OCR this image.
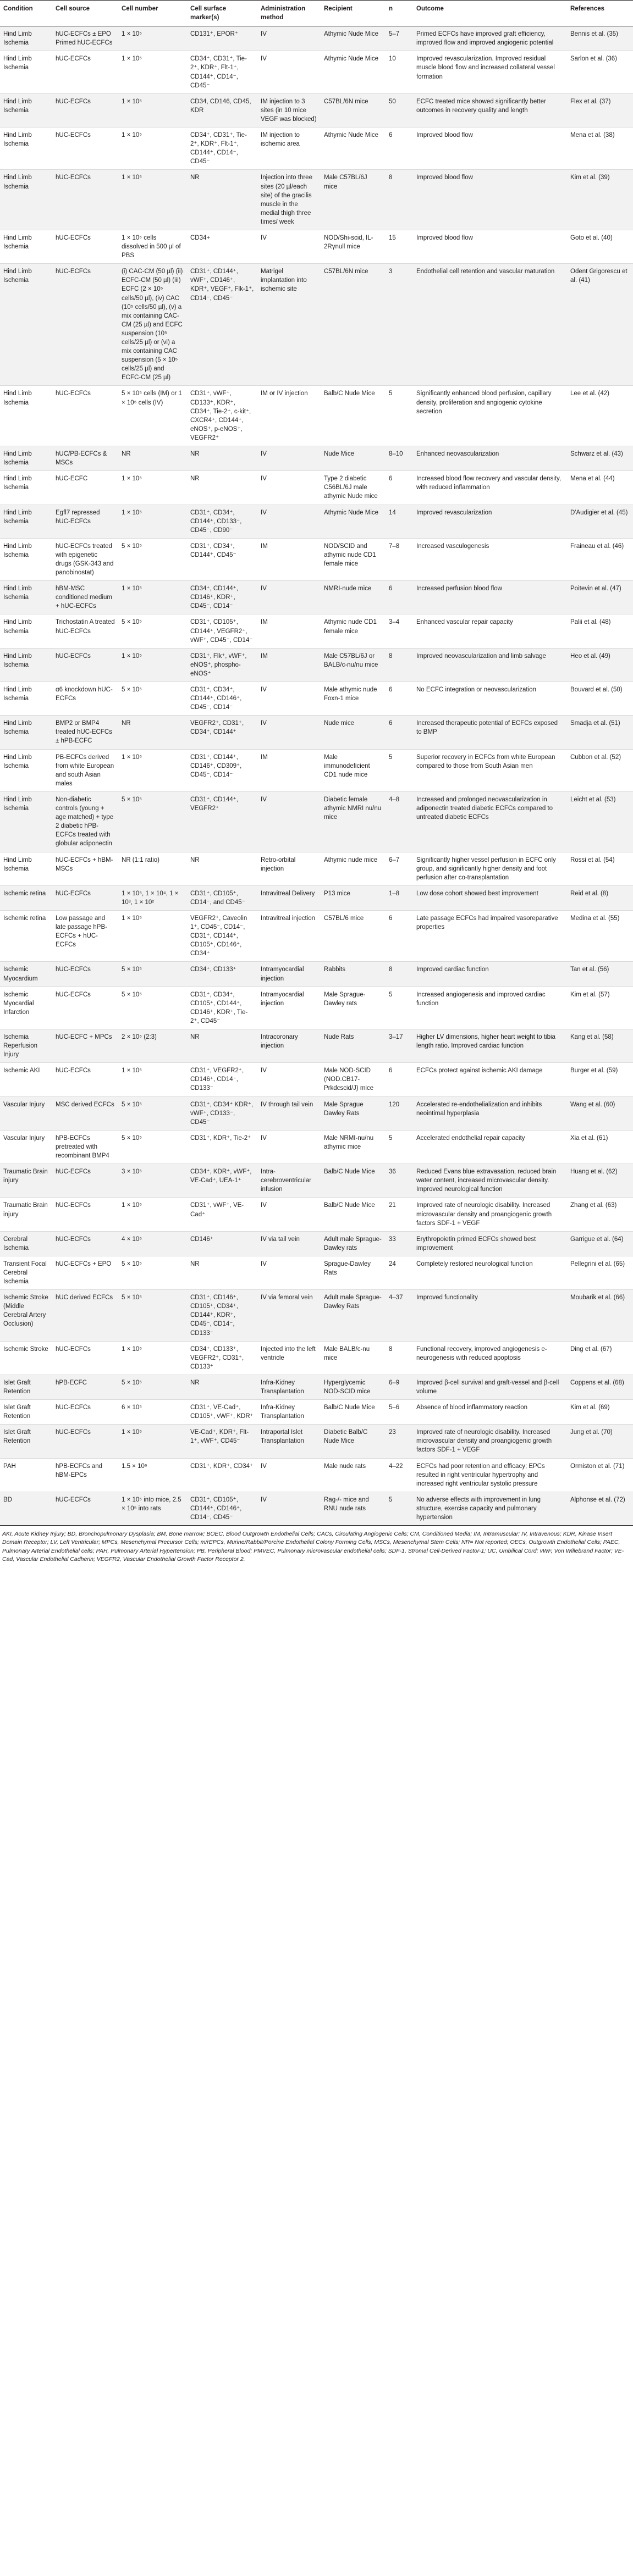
Condition	Cell source	Cell number	Cell surface marker(s)	Administration method	Recipient	n	Outcome	References
Hind Limb Ischemia	hUC-ECFCs ± EPO Primed hUC-ECFCs	1 × 10⁵	CD131⁺, EPOR⁺	IV	Athymic Nude Mice	5–7	Primed ECFCs have improved graft efficiency, improved flow and improved angiogenic potential	Bennis et al. (35)
Hind Limb Ischemia	hUC-ECFCs	1 × 10⁵	CD34⁺, CD31⁺, Tie-2⁺, KDR⁺, Flt-1⁺, CD144⁺, CD14⁻, CD45⁻	IV	Athymic Nude Mice	10	Improved revascularization. Improved residual muscle blood flow and increased collateral vessel formation	Sarlon et al. (36)
Hind Limb Ischemia	hUC-ECFCs	1 × 10⁶	CD34, CD146, CD45, KDR	IM injection to 3 sites (in 10 mice VEGF was blocked)	C57BL/6N mice	50	ECFC treated mice showed significantly better outcomes in recovery quality and length	Flex et al. (37)
Hind Limb Ischemia	hUC-ECFCs	1 × 10⁵	CD34⁺, CD31⁺, Tie-2⁺, KDR⁺, Flt-1⁺, CD144⁺, CD14⁻, CD45⁻	IM injection to ischemic area	Athymic Nude Mice	6	Improved blood flow	Mena et al. (38)
Hind Limb Ischemia	hUC-ECFCs	1 × 10⁶	NR	Injection into three sites (20 µl/each site) of the gracilis muscle in the medial thigh three times/ week	Male C57BL/6J mice	8	Improved blood flow	Kim et al. (39)
Hind Limb Ischemia	hUC-ECFCs	1 × 10⁶ cells dissolved in 500 µl of PBS	CD34+	IV	NOD/Shi-scid, IL-2Rγnull mice	15	Improved blood flow	Goto et al. (40)
Hind Limb Ischemia	hUC-ECFCs	(i) CAC-CM (50 µl) (ii) ECFC-CM (50 µl) (iii) ECFC (2 × 10⁵ cells/50 µl), (iv) CAC (10⁵ cells/50 µl), (v) a mix containing CAC-CM (25 µl) and ECFC suspension (10⁵ cells/25 µl) or (vi) a mix containing CAC suspension (5 × 10⁵ cells/25 µl) and ECFC-CM (25 µl)	CD31⁺, CD144⁺, vWF⁺, CD146⁺, KDR⁺, VEGF⁺, Flk-1⁺, CD14⁻, CD45⁻	Matrigel implantation into ischemic site	C57BL/6N mice	3	Endothelial cell retention and vascular maturation	Odent Grigorescu et al. (41)
Hind Limb Ischemia	hUC-ECFCs	5 × 10⁵ cells (IM) or 1 × 10⁶ cells (IV)	CD31⁺, vWF⁺, CD133⁺, KDR⁺, CD34⁺, Tie-2⁺, c-kit⁺, CXCR4⁺, CD144⁺, eNOS⁺, p-eNOS⁺, VEGFR2⁺	IM or IV injection	Balb/C Nude Mice	5	Significantly enhanced blood perfusion, capillary density, proliferation and angiogenic cytokine secretion	Lee et al. (42)
Hind Limb Ischemia	hUC/PB-ECFCs & MSCs	NR	NR	IV	Nude Mice	8–10	Enhanced neovascularization	Schwarz et al. (43)
Hind Limb Ischemia	hUC-ECFC	1 × 10⁵	NR	IV	Type 2 diabetic C56BL/6J male athymic Nude mice	6	Increased blood flow recovery and vascular density, with reduced inflammation	Mena et al. (44)
Hind Limb Ischemia	Egfl7 repressed hUC-ECFCs	1 × 10⁵	CD31⁺, CD34⁺, CD144⁺, CD133⁻, CD45⁻, CD90⁻	IV	Athymic Nude Mice	14	Improved revascularization	D'Audigier et al. (45)
Hind Limb Ischemia	hUC-ECFCs treated with epigenetic drugs (GSK-343 and panobinostat)	5 × 10⁵	CD31⁺, CD34⁺, CD144⁺, CD45⁻	IM	NOD/SCID and athymic nude CD1 female mice	7–8	Increased vasculogenesis	Fraineau et al. (46)
Hind Limb Ischemia	hBM-MSC conditioned medium + hUC-ECFCs	1 × 10⁵	CD34⁺, CD144⁺, CD146⁺, KDR⁺, CD45⁻, CD14⁻	IV	NMRI-nude mice	6	Increased perfusion blood flow	Poitevin et al. (47)
Hind Limb Ischemia	Trichostatin A treated hUC-ECFCs	5 × 10⁵	CD31⁺, CD105⁺, CD144⁺, VEGFR2⁺, vWF⁺, CD45⁻, CD14⁻	IM	Athymic nude CD1 female mice	3–4	Enhanced vascular repair capacity	Palii et al. (48)
Hind Limb Ischemia	hUC-ECFCs	1 × 10⁵	CD31⁺, Flk⁺, vWF⁺, eNOS⁺, phospho-eNOS⁺	IM	Male C57BL/6J or BALB/c-nu/nu mice	8	Improved neovascularization and limb salvage	Heo et al. (49)
Hind Limb Ischemia	α6 knockdown hUC-ECFCs	5 × 10⁵	CD31⁺, CD34⁺, CD144⁺, CD146⁺, CD45⁻, CD14⁻	IV	Male athymic nude Foxn-1 mice	6	No ECFC integration or neovascularization	Bouvard et al. (50)
Hind Limb Ischemia	BMP2 or BMP4 treated hUC-ECFCs ± hPB-ECFC	NR	VEGFR2⁺, CD31⁺, CD34⁺, CD144⁺	IV	Nude mice	6	Increased therapeutic potential of ECFCs exposed to BMP	Smadja et al. (51)
Hind Limb Ischemia	PB-ECFCs derived from white European and south Asian males	1 × 10⁶	CD31⁺, CD144⁺, CD146⁺, CD309⁺, CD45⁻, CD14⁻	IM	Male immunodeficient CD1 nude mice	5	Superior recovery in ECFCs from white European compared to those from South Asian men	Cubbon et al. (52)
Hind Limb Ischemia	Non-diabetic controls (young + age matched) + type 2 diabetic hPB-ECFCs treated with globular adiponectin	5 × 10⁵	CD31⁺, CD144⁺, VEGFR2⁺	IV	Diabetic female athymic NMRI nu/nu mice	4–8	Increased and prolonged neovascularization in adiponectin treated diabetic ECFCs compared to untreated diabetic ECFCs	Leicht et al. (53)
Hind Limb Ischemia	hUC-ECFCs + hBM-MSCs	NR (1:1 ratio)	NR	Retro-orbital injection	Athymic nude mice	6–7	Significantly higher vessel perfusion in ECFC only group, and significantly higher density and foot perfusion after co-transplantation	Rossi et al. (54)
Ischemic retina	hUC-ECFCs	1 × 10⁵, 1 × 10⁴, 1 × 10³, 1 × 10²	CD31⁺, CD105⁺, CD14⁻, and CD45⁻	Intravitreal Delivery	P13 mice	1–8	Low dose cohort showed best improvement	Reid et al. (8)
Ischemic retina	Low passage and late passage hPB-ECFCs + hUC-ECFCs	1 × 10⁵	VEGFR2⁺, Caveolin 1⁺, CD45⁻, CD14⁻, CD31⁺, CD144⁺, CD105⁺, CD146⁺, CD34⁺	Intravitreal injection	C57BL/6 mice	6	Late passage ECFCs had impaired vasoreparative properties	Medina et al. (55)
Ischemic Myocardium	hUC-ECFCs	5 × 10⁵	CD34⁺, CD133⁺	Intramyocardial injection	Rabbits	8	Improved cardiac function	Tan et al. (56)
Ischemic Myocardial Infarction	hUC-ECFCs	5 × 10⁵	CD31⁺, CD34⁺, CD105⁺, CD144⁺, CD146⁺, KDR⁺, Tie-2⁺, CD45⁻	Intramyocardial injection	Male Sprague-Dawley rats	5	Increased angiogenesis and improved cardiac function	Kim et al. (57)
Ischemia Reperfusion Injury	hUC-ECFC + MPCs	2 × 10⁶ (2:3)	NR	Intracoronary injection	Nude Rats	3–17	Higher LV dimensions, higher heart weight to tibia length ratio. Improved cardiac function	Kang et al. (58)
Ischemic AKI	hUC-ECFCs	1 × 10⁶	CD31⁺, VEGFR2⁺, CD146⁺, CD14⁻, CD133⁻	IV	Male NOD-SCID (NOD.CB17-Prkdcscid/J) mice	6	ECFCs protect against ischemic AKI damage	Burger et al. (59)
Vascular Injury	MSC derived ECFCs	5 × 10⁵	CD31⁺, CD34⁺ KDR⁺, vWF⁺, CD133⁻, CD45⁻	IV through tail vein	Male Sprague Dawley Rats	120	Accelerated re-endothelialization and inhibits neointimal hyperplasia	Wang et al. (60)
Vascular Injury	hPB-ECFCs pretreated with recombinant BMP4	5 × 10⁵	CD31⁺, KDR⁺, Tie-2⁺	IV	Male NRMI-nu/nu athymic mice	5	Accelerated endothelial repair capacity	Xia et al. (61)
Traumatic Brain injury	hUC-ECFCs	3 × 10⁵	CD34⁺, KDR⁺, vWF⁺, VE-Cad⁺, UEA-1⁺	Intra-cerebroventricular infusion	Balb/C Nude Mice	36	Reduced Evans blue extravasation, reduced brain water content, increased microvascular density. Improved neurological function	Huang et al. (62)
Traumatic Brain injury	hUC-ECFCs	1 × 10⁶	CD31⁺, vWF⁺, VE-Cad⁺	IV	Balb/C Nude Mice	21	Improved rate of neurologic disability. Increased microvascular density and proangiogenic growth factors SDF-1 + VEGF	Zhang et al. (63)
Cerebral Ischemia	hUC-ECFCs	4 × 10⁶	CD146⁺	IV via tail vein	Adult male Sprague-Dawley rats	33	Erythropoietin primed ECFCs showed best improvement	Garrigue et al. (64)
Transient Focal Cerebral Ischemia	hUC-ECFCs + EPO	5 × 10⁵	NR	IV	Sprague-Dawley Rats	24	Completely restored neurological function	Pellegrini et al. (65)
Ischemic Stroke (Middle Cerebral Artery Occlusion)	hUC derived ECFCs	5 × 10⁶	CD31⁺, CD146⁺, CD105⁺, CD34⁺, CD144⁺, KDR⁺, CD45⁻, CD14⁻, CD133⁻	IV via femoral vein	Adult male Sprague-Dawley Rats	4–37	Improved functionality	Moubarik et al. (66)
Ischemic Stroke	hUC-ECFCs	1 × 10⁶	CD34⁺, CD133⁺, VEGFR2⁺, CD31⁺, CD133⁺	Injected into the left ventricle	Male BALB/c-nu mice	8	Functional recovery, improved angiogenesis e-neurogenesis with reduced apoptosis	Ding et al. (67)
Islet Graft Retention	hPB-ECFC	5 × 10⁵	NR	Infra-Kidney Transplantation	Hyperglycemic NOD-SCID mice	6–9	Improved β-cell survival and graft-vessel and β-cell volume	Coppens et al. (68)
Islet Graft Retention	hUC-ECFCs	6 × 10⁵	CD31⁺, VE-Cad⁺, CD105⁺, vWF⁺, KDR⁺	Infra-Kidney Transplantation	Balb/C Nude Mice	5–6	Absence of blood inflammatory reaction	Kim et al. (69)
Islet Graft Retention	hUC-ECFCs	1 × 10⁶	VE-Cad⁺, KDR⁺, Flt-1⁺, vWF⁺, CD45⁻	Intraportal Islet Transplantation	Diabetic Balb/C Nude Mice	23	Improved rate of neurologic disability. Increased microvascular density and proangiogenic growth factors SDF-1 + VEGF	Jung et al. (70)
PAH	hPB-ECFCs and hBM-EPCs	1.5 × 10⁶	CD31⁺, KDR⁺, CD34⁺	IV	Male nude rats	4–22	ECFCs had poor retention and efficacy; EPCs resulted in right ventricular hypertrophy and increased right ventricular systolic pressure	Ormiston et al. (71)
BD	hUC-ECFCs	1 × 10⁵ into mice, 2.5 × 10⁵ into rats	CD31⁺, CD105⁺, CD144⁺, CD146⁺, CD14⁻, CD45⁻	IV	Rag-/- mice and RNU nude rats	5	No adverse effects with improvement in lung structure, exercise capacity and pulmonary hypertension	Alphonse et al. (72)
AKI, Acute Kidney Injury; BD, Bronchopulmonary Dysplasia; BM, Bone marrow; BOEC, Blood Outgrowth Endothelial Cells; CACs, Circulating Angiogenic Cells; CM, Conditioned Media; IM, Intramuscular; IV, Intravenous; KDR, Kinase Insert Domain Receptor; LV, Left Ventricular; MPCs, Mesenchymal Precursor Cells; m/rEPCs, Murine/Rabbit/Porcine Endothelial Colony Forming Cells; MSCs, Mesenchymal Stem Cells; NR= Not reported; OECs, Outgrowth Endothelial Cells; PAEC, Pulmonary Arterial Endothelial cells; PAH, Pulmonary Arterial Hypertension; PB, Peripheral Blood; PMVEC, Pulmonary microvascular endothelial cells; SDF-1, Stromal Cell-Derived Factor-1; UC, Umbilical Cord; vWF, Von Willebrand Factor; VE-Cad, Vascular Endothelial Cadherin; VEGFR2, Vascular Endothelial Growth Factor Receptor 2.
